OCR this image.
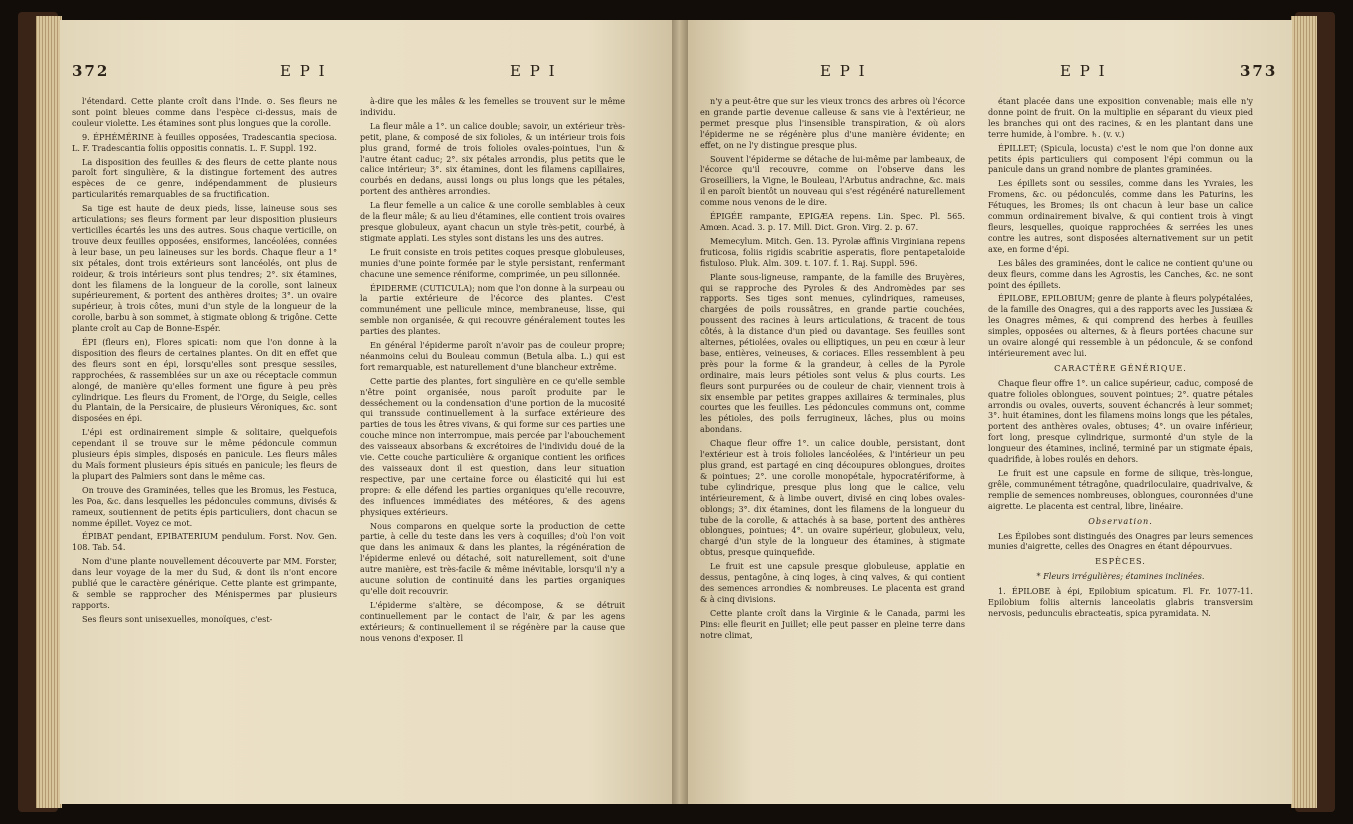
372	E P I	E P I

l'étendard. Cette plante croît dans l'Inde. ⊙. Ses fleurs ne sont point bleues comme dans l'espèce ci-dessus, mais de couleur violette. Les étamines sont plus longues que la corolle.

9. ÉPHÉMÉRINE à feuilles opposées, Tradescantia speciosa. L. F. Tradescantia foliis oppositis connatis. L. F. Suppl. 192.

La disposition des feuilles & des fleurs de cette plante nous paroît fort singulière, & la distingue fortement des autres espèces de ce genre, indépendamment de plusieurs particularités remarquables de sa fructification.

Sa tige est haute de deux pieds, lisse, laineuse sous ses articulations; ses fleurs forment par leur disposition plusieurs verticilles écartés les uns des autres. Sous chaque verticille, on trouve deux feuilles opposées, ensiformes, lancéolées, connées à leur base, un peu laineuses sur les bords. Chaque fleur a 1° six pétales, dont trois extérieurs sont lancéolés, ont plus de roideur, & trois intérieurs sont plus tendres; 2°. six étamines, dont les filamens de la longueur de la corolle, sont laineux supérieurement, & portent des anthères droites; 3°. un ovaire supérieur, à trois côtes, muni d'un style de la longueur de la corolle, barbu à son sommet, à stigmate oblong & trigône. Cette plante croît au Cap de Bonne-Espér.

ÉPI (fleurs en), Flores spicati: nom que l'on donne à la disposition des fleurs de certaines plantes. On dit en effet que des fleurs sont en épi, lorsqu'elles sont presque sessiles, rapprochées, & rassemblées sur un axe ou réceptacle commun alongé, de manière qu'elles forment une figure à peu près cylindrique. Les fleurs du Froment, de l'Orge, du Seigle, celles du Plantain, de la Persicaire, de plusieurs Véroniques, &c. sont disposées en épi.

L'épi est ordinairement simple & solitaire, quelquefois cependant il se trouve sur le même pédoncule commun plusieurs épis simples, disposés en panicule. Les fleurs mâles du Maïs forment plusieurs épis situés en panicule; les fleurs de la plupart des Palmiers sont dans le même cas.

On trouve des Graminées, telles que les Bromus, les Festuca, les Poa, &c. dans lesquelles les pédoncules communs, divisés & rameux, soutiennent de petits épis particuliers, dont chacun se nomme épillet. Voyez ce mot.

ÉPIBAT pendant, EPIBATERIUM pendulum. Forst. Nov. Gen. 108. Tab. 54.

Nom d'une plante nouvellement découverte par MM. Forster, dans leur voyage de la mer du Sud, & dont ils n'ont encore publié que le caractère générique. Cette plante est grimpante, & semble se rapprocher des Ménispermes par plusieurs rapports.

Ses fleurs sont unisexuelles, monoïques, c'est-

à-dire que les mâles & les femelles se trouvent sur le même individu.

La fleur mâle a 1°. un calice double; savoir, un extérieur très-petit, plane, & composé de six folioles, & un intérieur trois fois plus grand, formé de trois folioles ovales-pointues, l'un & l'autre étant caduc; 2°. six pétales arrondis, plus petits que le calice intérieur; 3°. six étamines, dont les filamens capillaires, courbés en dedans, aussi longs ou plus longs que les pétales, portent des anthères arrondies.

La fleur femelle a un calice & une corolle semblables à ceux de la fleur mâle; & au lieu d'étamines, elle contient trois ovaires presque globuleux, ayant chacun un style très-petit, courbé, à stigmate applati. Les styles sont distans les uns des autres.

Le fruit consiste en trois petites coques presque globuleuses, munies d'une pointe formée par le style persistant, renfermant chacune une semence réniforme, comprimée, un peu sillonnée.

ÉPIDERME (CUTICULA); nom que l'on donne à la surpeau ou la partie extérieure de l'écorce des plantes. C'est communément une pellicule mince, membraneuse, lisse, qui semble non organisée, & qui recouvre généralement toutes les parties des plantes.

En général l'épiderme paroît n'avoir pas de couleur propre; néanmoins celui du Bouleau commun (Betula alba. L.) qui est fort remarquable, est naturellement d'une blancheur extrême.

Cette partie des plantes, fort singulière en ce qu'elle semble n'être point organisée, nous paroît produite par le desséchement ou la condensation d'une portion de la mucosité qui transsude continuellement à la surface extérieure des parties de tous les êtres vivans, & qui forme sur ces parties une couche mince non interrompue, mais percée par l'abouchement des vaisseaux absorbans & excrétoires de l'individu doué de la vie. Cette couche particulière & organique contient les orifices des vaisseaux dont il est question, dans leur situation respective, par une certaine force ou élasticité qui lui est propre: & elle défend les parties organiques qu'elle recouvre, des influences immédiates des météores, & des agens physiques extérieurs.

Nous comparons en quelque sorte la production de cette partie, à celle du teste dans les vers à coquilles; d'où l'on voit que dans les animaux & dans les plantes, la régénération de l'épiderme enlevé ou détaché, soit naturellement, soit d'une autre manière, est très-facile & même inévitable, lorsqu'il n'y a aucune solution de continuité dans les parties organiques qu'elle doit recouvrir.

L'épiderme s'altère, se décompose, & se détruit continuellement par le contact de l'air, & par les agens extérieurs; & continuellement il se régénère par la cause que nous venons d'exposer. Il

E P I	E P I	373

n'y a peut-être que sur les vieux troncs des arbres où l'écorce en grande partie devenue calleuse & sans vie à l'extérieur, ne permet presque plus l'insensible transpiration, & où alors l'épiderme ne se régénère plus d'une manière évidente; en effet, on ne l'y distingue presque plus.

Souvent l'épiderme se détache de lui-même par lambeaux, de l'écorce qu'il recouvre, comme on l'observe dans les Groseilliers, la Vigne, le Bouleau, l'Arbutus andrachne, &c. mais il en paroît bientôt un nouveau qui s'est régénéré naturellement comme nous venons de le dire.

ÉPIGÉE rampante, EPIGÆA repens. Lin. Spec. Pl. 565. Amœn. Acad. 3. p. 17. Mill. Dict. Gron. Virg. 2. p. 67.

Memecylum. Mitch. Gen. 13. Pyrolæ affinis Virginiana repens fruticosa, foliis rigidis scabritie asperatis, flore pentapetaloide fistuloso. Pluk. Alm. 309. t. 107. f. 1. Raj. Suppl. 596.

Plante sous-ligneuse, rampante, de la famille des Bruyères, qui se rapproche des Pyroles & des Andromèdes par ses rapports. Ses tiges sont menues, cylindriques, rameuses, chargées de poils roussâtres, en grande partie couchées, poussent des racines à leurs articulations, & tracent de tous côtés, à la distance d'un pied ou davantage. Ses feuilles sont alternes, pétiolées, ovales ou elliptiques, un peu en cœur à leur base, entières, veineuses, & coriaces. Elles ressemblent à peu près pour la forme & la grandeur, à celles de la Pyrole ordinaire, mais leurs pétioles sont velus & plus courts. Les fleurs sont purpurées ou de couleur de chair, viennent trois à six ensemble par petites grappes axillaires & terminales, plus courtes que les feuilles. Les pédoncules communs ont, comme les pétioles, des poils ferrugineux, lâches, plus ou moins abondans.

Chaque fleur offre 1°. un calice double, persistant, dont l'extérieur est à trois folioles lancéolées, & l'intérieur un peu plus grand, est partagé en cinq découpures oblongues, droites & pointues; 2°. une corolle monopétale, hypocratériforme, à tube cylindrique, presque plus long que le calice, velu intérieurement, & à limbe ouvert, divisé en cinq lobes ovales-oblongs; 3°. dix étamines, dont les filamens de la longueur du tube de la corolle, & attachés à sa base, portent des anthères oblongues, pointues; 4°. un ovaire supérieur, globuleux, velu, chargé d'un style de la longueur des étamines, à stigmate obtus, presque quinquefide.

Le fruit est une capsule presque globuleuse, applatie en dessus, pentagône, à cinq loges, à cinq valves, & qui contient des semences arrondies & nombreuses. Le placenta est grand & à cinq divisions.

Cette plante croît dans la Virginie & le Canada, parmi les Pins: elle fleurit en Juillet; elle peut passer en pleine terre dans notre climat,

étant placée dans une exposition convenable; mais elle n'y donne point de fruit. On la multiplie en séparant du vieux pied les branches qui ont des racines, & en les plantant dans une terre humide, à l'ombre. ♄. (v. v.)

ÉPILLET; (Spicula, locusta) c'est le nom que l'on donne aux petits épis particuliers qui composent l'épi commun ou la panicule dans un grand nombre de plantes graminées.

Les épillets sont ou sessiles, comme dans les Yvraies, les Fromens, &c. ou pédonculés, comme dans les Paturins, les Fétuques, les Bromes; ils ont chacun à leur base un calice commun ordinairement bivalve, & qui contient trois à vingt fleurs, lesquelles, quoique rapprochées & serrées les unes contre les autres, sont disposées alternativement sur un petit axe, en forme d'épi.

Les bâles des graminées, dont le calice ne contient qu'une ou deux fleurs, comme dans les Agrostis, les Canches, &c. ne sont point des épillets.

ÉPILOBE, EPILOBIUM; genre de plante à fleurs polypétalées, de la famille des Onagres, qui a des rapports avec les Jussiæa & les Onagres mêmes, & qui comprend des herbes à feuilles simples, opposées ou alternes, & à fleurs portées chacune sur un ovaire alongé qui ressemble à un pédoncule, & se confond intérieurement avec lui.

CARACTÈRE GÉNÉRIQUE.

Chaque fleur offre 1°. un calice supérieur, caduc, composé de quatre folioles oblongues, souvent pointues; 2°. quatre pétales arrondis ou ovales, ouverts, souvent échancrés à leur sommet; 3°. huit étamines, dont les filamens moins longs que les pétales, portent des anthères ovales, obtuses; 4°. un ovaire inférieur, fort long, presque cylindrique, surmonté d'un style de la longueur des étamines, incliné, terminé par un stigmate épais, quadrifide, à lobes roulés en dehors.

Le fruit est une capsule en forme de silique, très-longue, grêle, communément tétragône, quadriloculaire, quadrivalve, & remplie de semences nombreuses, oblongues, couronnées d'une aigrette. Le placenta est central, libre, linéaire.

Observation.

Les Épilobes sont distingués des Onagres par leurs semences munies d'aigrette, celles des Onagres en étant dépourvues.

ESPÈCES.

* Fleurs irrégulières; étamines inclinées.

1. ÉPILOBE à épi, Epilobium spicatum. Fl. Fr. 1077-11. Epilobium foliis alternis lanceolatis glabris transversim nervosis, pedunculis ebracteatis, spica pyramidata. N.
